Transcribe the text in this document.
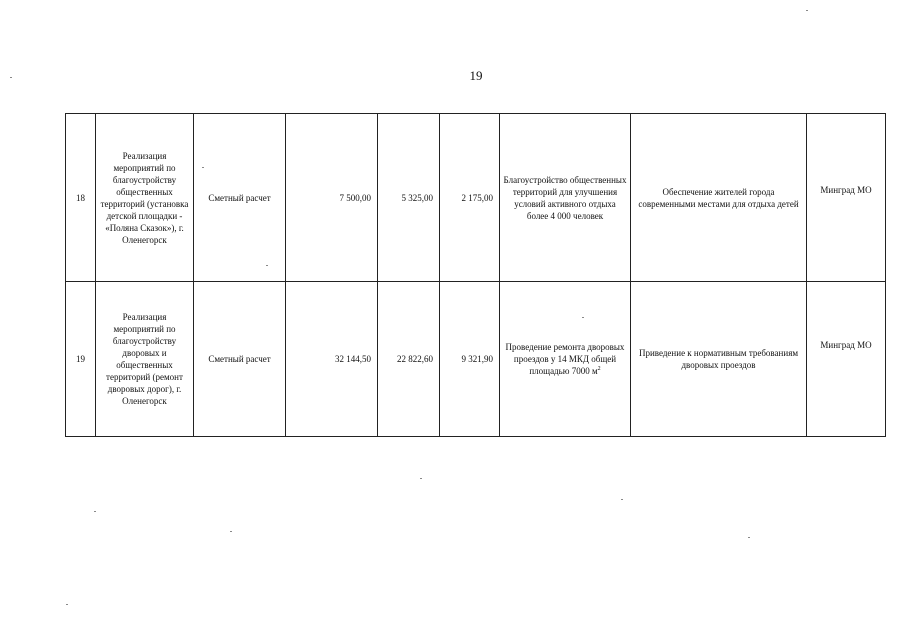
19
18	Реализация мероприятий по благоустройству общественных территорий (установка детской площадки - «Поляна Сказок»), г. Оленегорск	Сметный расчет	7 500,00	5 325,00	2 175,00	Благоустройство общественных территорий для улучшения условий активного отдыха более 4 000 человек	Обеспечение жителей города современными местами для отдыха детей	Минград МО

19	Реализация мероприятий по благоустройству дворовых и общественных территорий (ремонт дворовых дорог), г. Оленегорск	Сметный расчет	32 144,50	22 822,60	9 321,90	Проведение ремонта дворовых проездов у 14 МКД общей площадью 7000 $м^2$	Приведение к нормативным требованиям дворовых проездов	Минград МО
